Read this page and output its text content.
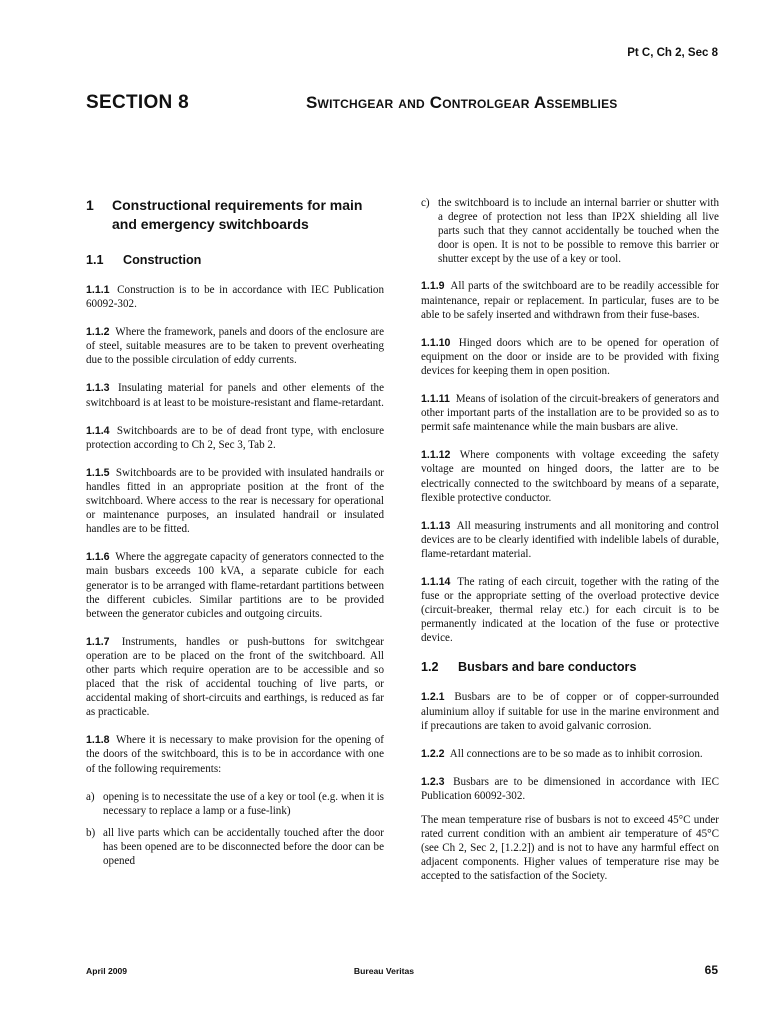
Pt C, Ch 2, Sec 8
SECTION 8	Switchgear and Controlgear Assemblies
1	Constructional requirements for main and emergency switchboards
1.1	Construction

1.1.1 Construction is to be in accordance with IEC Publication 60092-302.

1.1.2 Where the framework, panels and doors of the enclosure are of steel, suitable measures are to be taken to prevent overheating due to the possible circulation of eddy currents.

1.1.3 Insulating material for panels and other elements of the switchboard is at least to be moisture-resistant and flame-retardant.

1.1.4 Switchboards are to be of dead front type, with enclosure protection according to Ch 2, Sec 3, Tab 2.

1.1.5 Switchboards are to be provided with insulated handrails or handles fitted in an appropriate position at the front of the switchboard. Where access to the rear is necessary for operational or maintenance purposes, an insulated handrail or insulated handles are to be fitted.

1.1.6 Where the aggregate capacity of generators connected to the main busbars exceeds 100 kVA, a separate cubicle for each generator is to be arranged with flame-retardant partitions between the different cubicles. Similar partitions are to be provided between the generator cubicles and outgoing circuits.

1.1.7 Instruments, handles or push-buttons for switchgear operation are to be placed on the front of the switchboard. All other parts which require operation are to be accessible and so placed that the risk of accidental touching of live parts, or accidental making of short-circuits and earthings, is reduced as far as practicable.

1.1.8 Where it is necessary to make provision for the opening of the doors of the switchboard, this is to be in accordance with one of the following requirements:

a) opening is to necessitate the use of a key or tool (e.g. when it is necessary to replace a lamp or a fuse-link)
b) all live parts which can be accidentally touched after the door has been opened are to be disconnected before the door can be opened
c) the switchboard is to include an internal barrier or shutter with a degree of protection not less than IP2X shielding all live parts such that they cannot accidentally be touched when the door is open. It is not to be possible to remove this barrier or shutter except by the use of a key or tool.

1.1.9 All parts of the switchboard are to be readily accessible for maintenance, repair or replacement. In particular, fuses are to be able to be safely inserted and withdrawn from their fuse-bases.

1.1.10 Hinged doors which are to be opened for operation of equipment on the door or inside are to be provided with fixing devices for keeping them in open position.

1.1.11 Means of isolation of the circuit-breakers of generators and other important parts of the installation are to be provided so as to permit safe maintenance while the main busbars are alive.

1.1.12 Where components with voltage exceeding the safety voltage are mounted on hinged doors, the latter are to be electrically connected to the switchboard by means of a separate, flexible protective conductor.

1.1.13 All measuring instruments and all monitoring and control devices are to be clearly identified with indelible labels of durable, flame-retardant material.

1.1.14 The rating of each circuit, together with the rating of the fuse or the appropriate setting of the overload protective device (circuit-breaker, thermal relay etc.) for each circuit is to be permanently indicated at the location of the fuse or protective device.

1.2	Busbars and bare conductors

1.2.1 Busbars are to be of copper or of copper-surrounded aluminium alloy if suitable for use in the marine environment and if precautions are taken to avoid galvanic corrosion.

1.2.2 All connections are to be so made as to inhibit corrosion.

1.2.3 Busbars are to be dimensioned in accordance with IEC Publication 60092-302.

The mean temperature rise of busbars is not to exceed 45°C under rated current condition with an ambient air temperature of 45°C (see Ch 2, Sec 2, [1.2.2]) and is not to have any harmful effect on adjacent components. Higher values of temperature rise may be accepted to the satisfaction of the Society.

April 2009	Bureau Veritas	65
